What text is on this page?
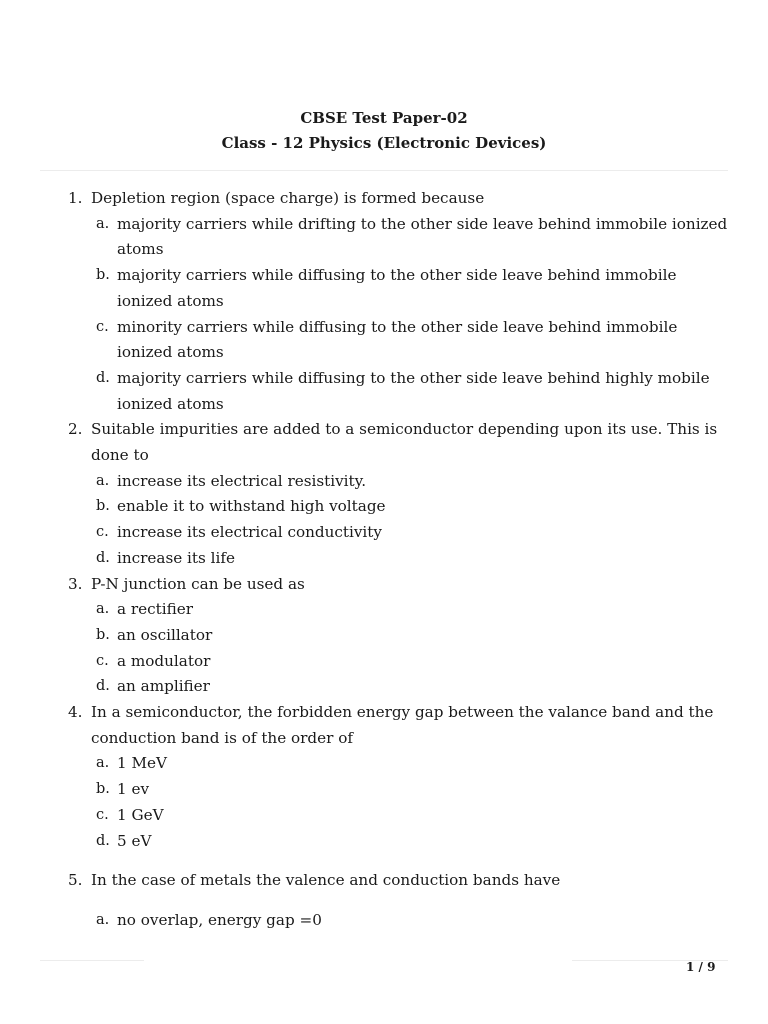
CBSE Test Paper-02
Class - 12 Physics (Electronic Devices)
1. Depletion region (space charge) is formed because
a. majority carriers while drifting to the other side leave behind immobile ionized atoms
b. majority carriers while diffusing to the other side leave behind immobile ionized atoms
c. minority carriers while diffusing to the other side leave behind immobile ionized atoms
d. majority carriers while diffusing to the other side leave behind highly mobile ionized atoms
2. Suitable impurities are added to a semiconductor depending upon its use. This is done to
a. increase its electrical resistivity.
b. enable it to withstand high voltage
c. increase its electrical conductivity
d. increase its life
3. P-N junction can be used as
a. a rectifier
b. an oscillator
c. a modulator
d. an amplifier
4. In a semiconductor, the forbidden energy gap between the valance band and the conduction band is of the order of
a. 1 MeV
b. 1 ev
c. 1 GeV
d. 5 eV
5. In the case of metals the valence and conduction bands have
a. no overlap, energy gap =0
1 / 9
